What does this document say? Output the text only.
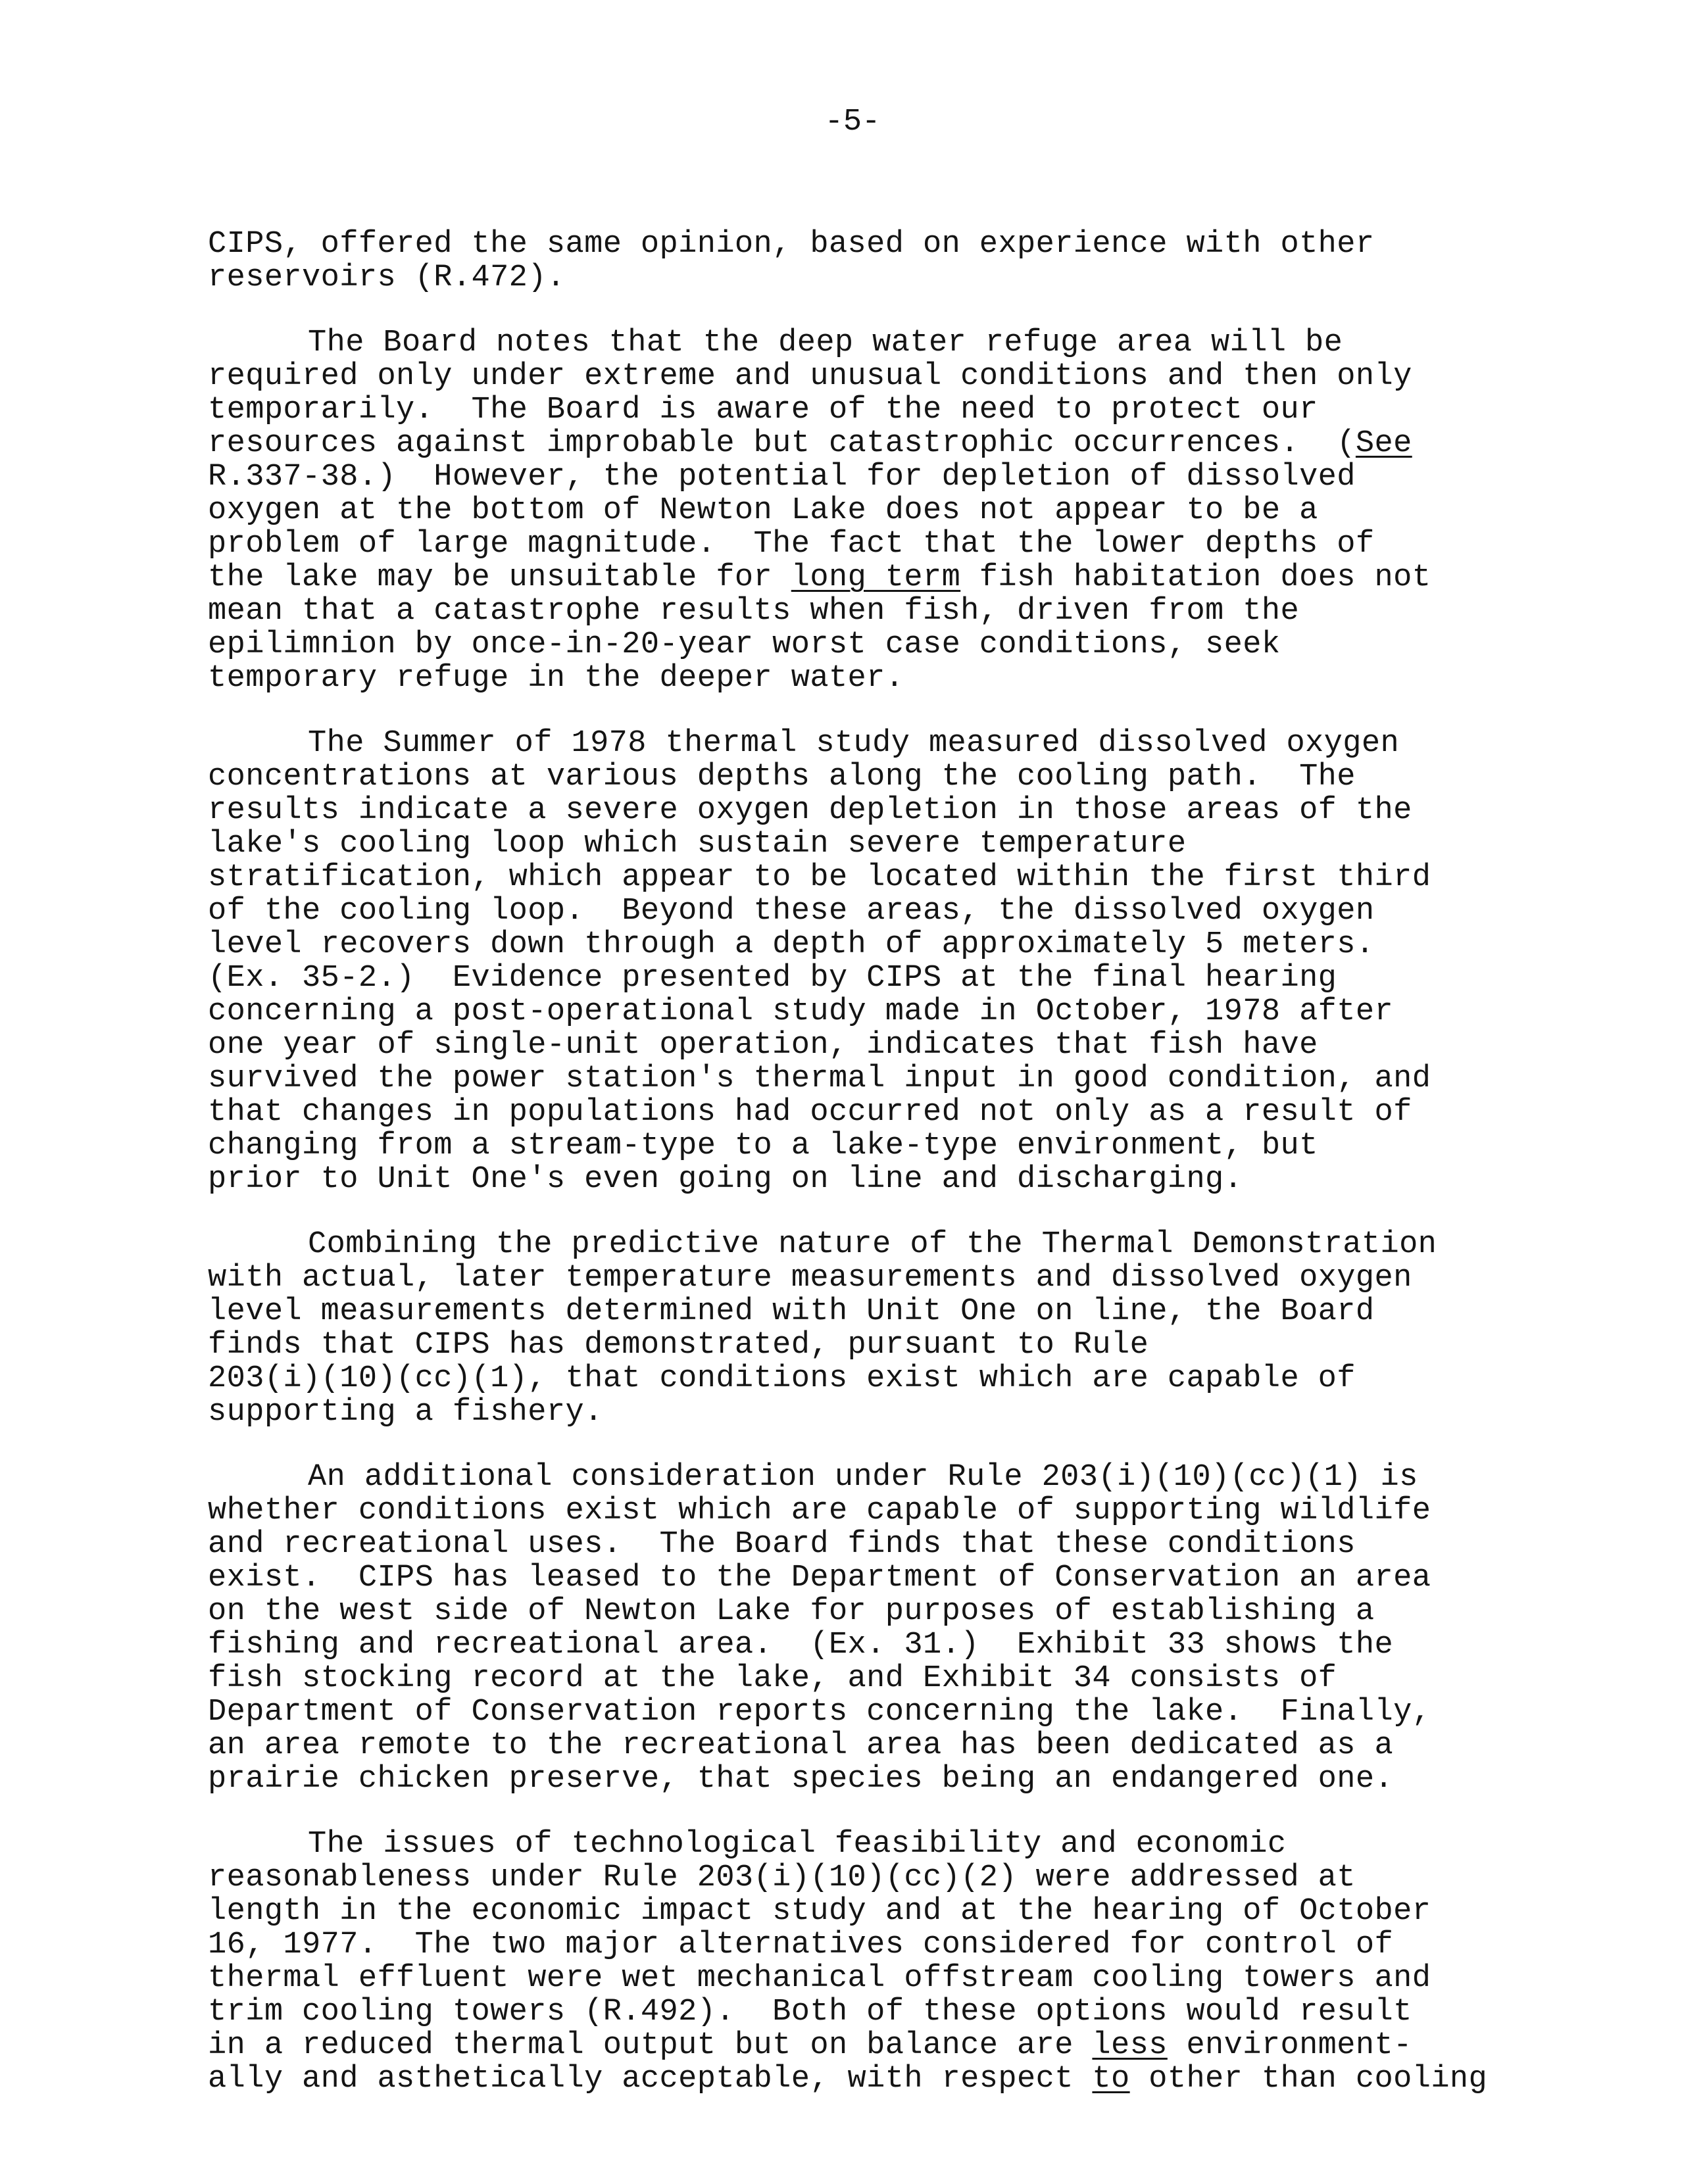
-5-
CIPS, offered the same opinion, based on experience with other
reservoirs (R.472).
The Board notes that the deep water refuge area will be
required only under extreme and unusual conditions and then only
temporarily.  The Board is aware of the need to protect our
resources against improbable but catastrophic occurrences.  (See
R.337-38.)  However, the potential for depletion of dissolved
oxygen at the bottom of Newton Lake does not appear to be a
problem of large magnitude.  The fact that the lower depths of
the lake may be unsuitable for long term fish habitation does not
mean that a catastrophe results when fish, driven from the
epilimnion by once-in-20-year worst case conditions, seek
temporary refuge in the deeper water.
The Summer of 1978 thermal study measured dissolved oxygen
concentrations at various depths along the cooling path.  The
results indicate a severe oxygen depletion in those areas of the
lake's cooling loop which sustain severe temperature
stratification, which appear to be located within the first third
of the cooling loop.  Beyond these areas, the dissolved oxygen
level recovers down through a depth of approximately 5 meters.
(Ex. 35-2.)  Evidence presented by CIPS at the final hearing
concerning a post-operational study made in October, 1978 after
one year of single-unit operation, indicates that fish have
survived the power station's thermal input in good condition, and
that changes in populations had occurred not only as a result of
changing from a stream-type to a lake-type environment, but
prior to Unit One's even going on line and discharging.
Combining the predictive nature of the Thermal Demonstration
with actual, later temperature measurements and dissolved oxygen
level measurements determined with Unit One on line, the Board
finds that CIPS has demonstrated, pursuant to Rule
203(i)(10)(cc)(1), that conditions exist which are capable of
supporting a fishery.
An additional consideration under Rule 203(i)(10)(cc)(1) is
whether conditions exist which are capable of supporting wildlife
and recreational uses.  The Board finds that these conditions
exist.  CIPS has leased to the Department of Conservation an area
on the west side of Newton Lake for purposes of establishing a
fishing and recreational area.  (Ex. 31.)  Exhibit 33 shows the
fish stocking record at the lake, and Exhibit 34 consists of
Department of Conservation reports concerning the lake.  Finally,
an area remote to the recreational area has been dedicated as a
prairie chicken preserve, that species being an endangered one.
The issues of technological feasibility and economic
reasonableness under Rule 203(i)(10)(cc)(2) were addressed at
length in the economic impact study and at the hearing of October
16, 1977.  The two major alternatives considered for control of
thermal effluent were wet mechanical offstream cooling towers and
trim cooling towers (R.492).  Both of these options would result
in a reduced thermal output but on balance are less environment-
ally and asthetically acceptable, with respect to other than cooling
